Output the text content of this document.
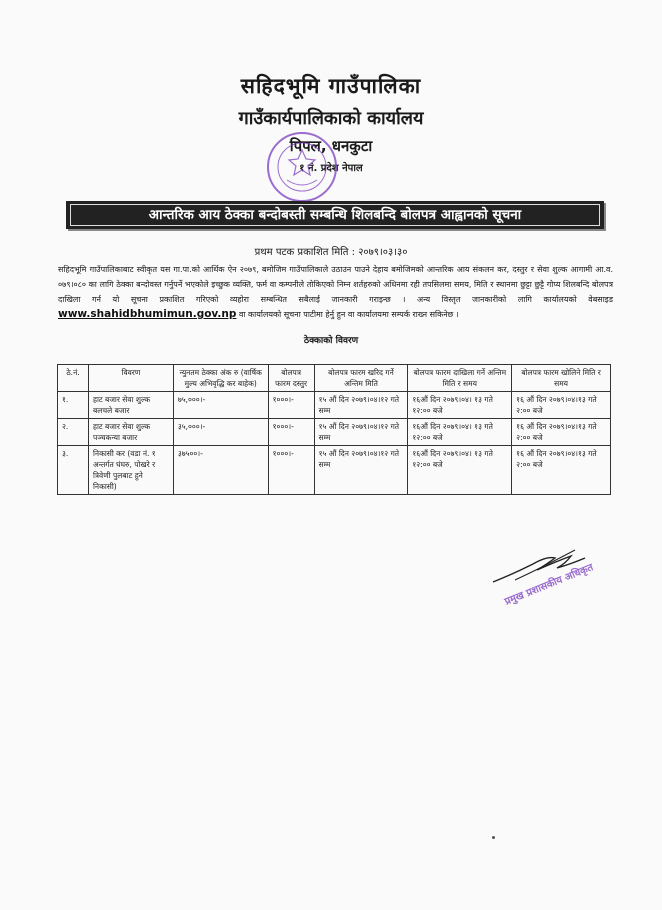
सहिदभूमि गाउँपालिका
गाउँकार्यपालिकाको कार्यालय
पिपल, धनकुटा
१ नं. प्रदेश नेपाल
आन्तरिक आय ठेक्का बन्दोबस्ती सम्बन्धि शिलबन्दि बोलपत्र आह्वानको सूचना
प्रथम पटक प्रकाशित मिति : २०७९।०३।३०
सहिदभूमि गाउँपालिकाबाट स्वीकृत यस गा.पा.को आर्थिक ऐन २०७९, बमोजिम गाउँपालिकाले उठाउन पाउने देहाय बमोजिमको आन्तरिक आय संकलन कर, दस्तुर र सेवा शुल्क आगामी आ.व. ०७९।०८० का लागि ठेक्का बन्दोवस्त गर्नुपर्ने भएकोले इच्छुक व्यक्ति, फर्म वा कम्पनीले तोकिएको निम्न शर्तहरुको अधिनमा रही तपसिलमा समय, मिति र स्थानमा छुट्टा छुट्टै गोप्य शिलबन्दि बोलपत्र दाखिला गर्न यो सूचना प्रकाशित गरिएको व्यहोरा सम्बन्धित सबैलाई जानकारी गराइन्छ । अन्य विस्तृत जानकारीको लागि कार्यालयको वेबसाइड www.shahidbhumimun.gov.np वा कार्यालयको सूचना पाटीमा हेर्नु हुन वा कार्यालयमा सम्पर्क राख्न सकिनेछ ।
ठेक्काको विवरण
ठे.नं.	विवरण	न्युनतम ठेक्का अंक रु (वार्षिक मुल्य अभिवृद्धि कर बाहेक)	बोलपत्र फारम दस्तुर	बोलपत्र फारम खरिद गर्ने अन्तिम मिति	बोलपत्र फारम दाखिला गर्ने अन्तिम मिति र समय	बोलपत्र फारम खोलिने मिति र समय
१.	हाट बजार सेवा शुल्क बलचले बजार	७५,०००।-	१०००।-	१५ औं दिन २०७९।०४।१२ गते सम्म	१६औं दिन २०७९।०४। १३ गते १२:०० बजे	१६ औं दिन २०७९।०४।१३ गते २:०० बजे
२.	हाट बजार सेवा शुल्क पञ्चकन्या बजार	३५,०००।-	१०००।-	१५ औं दिन २०७९।०४।१२ गते सम्म	१६औं दिन २०७९।०४। १३ गते १२:०० बजे	१६ औं दिन २०७९।०४।१३ गते २:०० बजे
३.	निकासी कर (वडा नं. १ अन्तर्गत घंघरु, पोखरे र त्रिवेणी पुलबाट हुने निकासी)	३७५००।-	१०००।-	१५ औं दिन २०७९।०४।१२ गते सम्म	१६औं दिन २०७९।०४। १३ गते १२:०० बजे	१६ औं दिन २०७९।०४।१३ गते २:०० बजे
प्रमुख प्रशासकीय अधिकृत
